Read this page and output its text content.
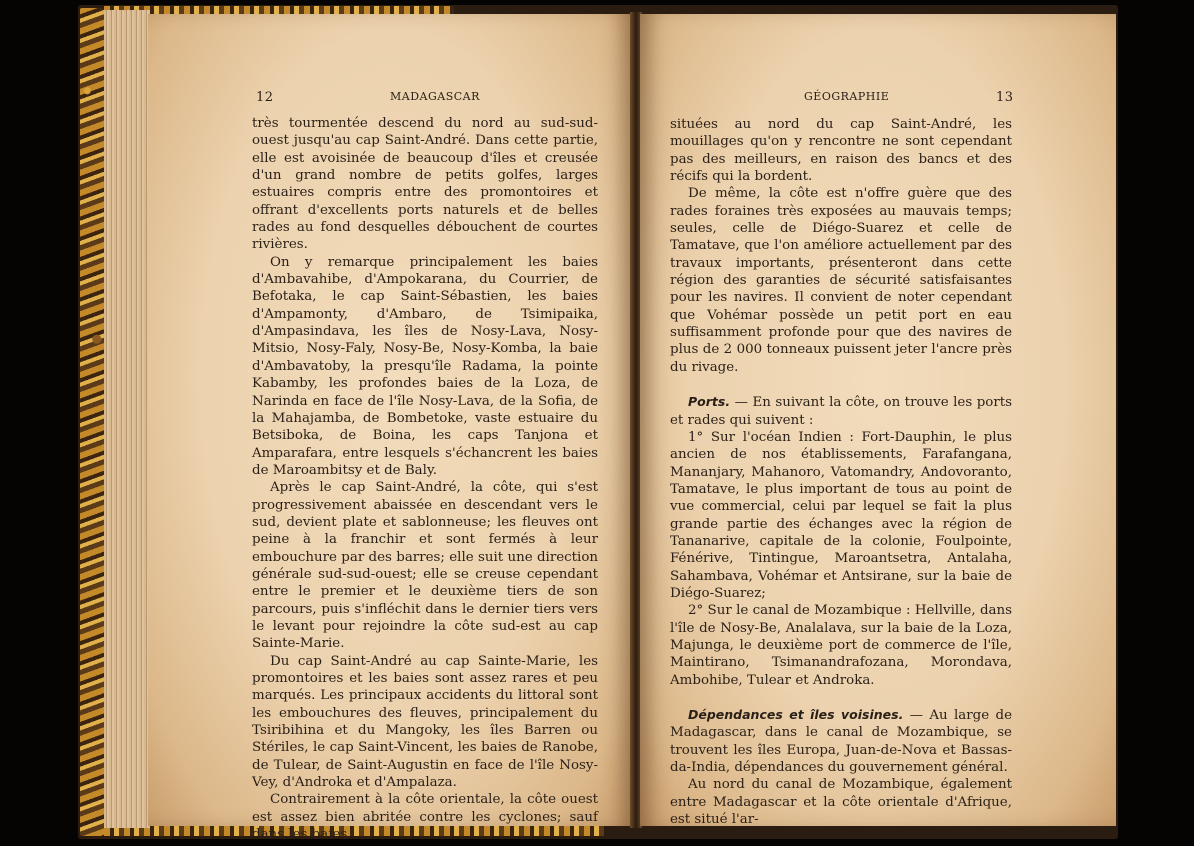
12	MADAGASCAR

très tourmentée descend du nord au sud-sud-ouest jusqu'au cap Saint-André. Dans cette partie, elle est avoisinée de beaucoup d'îles et creusée d'un grand nombre de petits golfes, larges estuaires compris entre des promontoires et offrant d'excellents ports naturels et de belles rades au fond desquelles débouchent de courtes rivières.

On y remarque principalement les baies d'Ambavahibe, d'Ampokarana, du Courrier, de Befotaka, le cap Saint-Sébastien, les baies d'Ampamonty, d'Ambaro, de Tsimipaika, d'Ampasindava, les îles de Nosy-Lava, Nosy-Mitsio, Nosy-Faly, Nosy-Be, Nosy-Komba, la baie d'Ambavatoby, la presqu'île Radama, la pointe Kabamby, les profondes baies de la Loza, de Narinda en face de l'île Nosy-Lava, de la Sofia, de la Mahajamba, de Bombetoke, vaste estuaire du Betsiboka, de Boina, les caps Tanjona et Amparafara, entre lesquels s'échancrent les baies de Maroambitsy et de Baly.

Après le cap Saint-André, la côte, qui s'est progressivement abaissée en descendant vers le sud, devient plate et sablonneuse; les fleuves ont peine à la franchir et sont fermés à leur embouchure par des barres; elle suit une direction générale sud-sud-ouest; elle se creuse cependant entre le premier et le deuxième tiers de son parcours, puis s'infléchit dans le dernier tiers vers le levant pour rejoindre la côte sud-est au cap Sainte-Marie.

Du cap Saint-André au cap Sainte-Marie, les promontoires et les baies sont assez rares et peu marqués. Les principaux accidents du littoral sont les embouchures des fleuves, principalement du Tsiribihina et du Mangoky, les îles Barren ou Stériles, le cap Saint-Vincent, les baies de Ranobe, de Tulear, de Saint-Augustin en face de l'île Nosy-Vey, d'Androka et d'Ampalaza.

Contrairement à la côte orientale, la côte ouest est assez bien abritée contre les cyclones; sauf dans les baies

GÉOGRAPHIE	13

situées au nord du cap Saint-André, les mouillages qu'on y rencontre ne sont cependant pas des meilleurs, en raison des bancs et des récifs qui la bordent.

De même, la côte est n'offre guère que des rades foraines très exposées au mauvais temps; seules, celle de Diégo-Suarez et celle de Tamatave, que l'on améliore actuellement par des travaux importants, présenteront dans cette région des garanties de sécurité satisfaisantes pour les navires. Il convient de noter cependant que Vohémar possède un petit port en eau suffisamment profonde pour que des navires de plus de 2 000 tonneaux puissent jeter l'ancre près du rivage.

Ports. — En suivant la côte, on trouve les ports et rades qui suivent :

1° Sur l'océan Indien : Fort-Dauphin, le plus ancien de nos établissements, Farafangana, Mananjary, Mahanoro, Vatomandry, Andovoranto, Tamatave, le plus important de tous au point de vue commercial, celui par lequel se fait la plus grande partie des échanges avec la région de Tananarive, capitale de la colonie, Foulpointe, Fénérive, Tintingue, Maroantsetra, Antalaha, Sahambava, Vohémar et Antsirane, sur la baie de Diégo-Suarez;

2° Sur le canal de Mozambique : Hellville, dans l'île de Nosy-Be, Analalava, sur la baie de la Loza, Majunga, le deuxième port de commerce de l'île, Maintirano, Tsimanandrafozana, Morondava, Ambohibe, Tulear et Androka.

Dépendances et îles voisines. — Au large de Madagascar, dans le canal de Mozambique, se trouvent les îles Europa, Juan-de-Nova et Bassas-da-India, dépendances du gouvernement général.

Au nord du canal de Mozambique, également entre Madagascar et la côte orientale d'Afrique, est situé l'ar-
